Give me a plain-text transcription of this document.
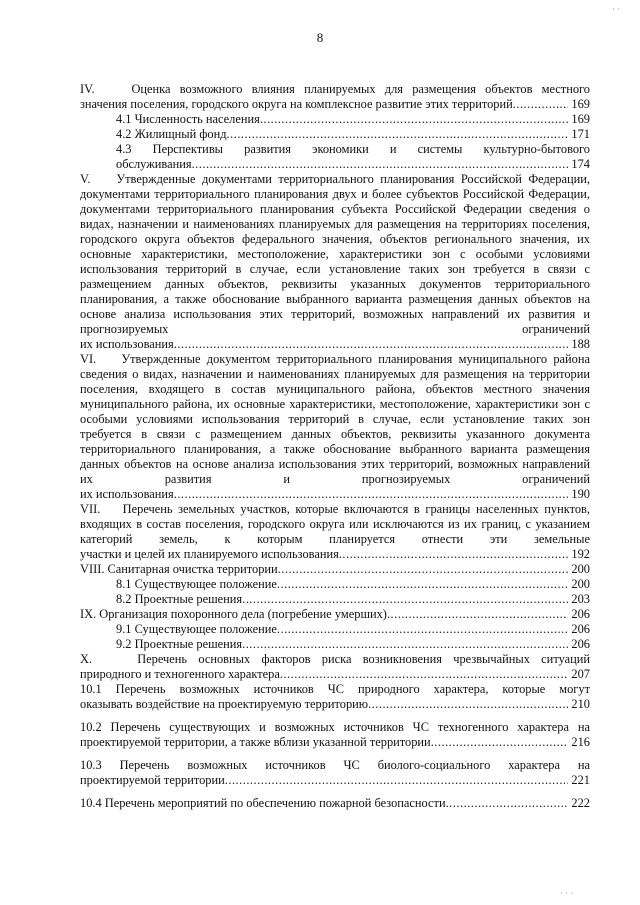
8
IV.    Оценка возможного влияния планируемых для размещения объектов местного
значения поселения, городского округа на комплексное развитие этих территорий .....	169
4.1 Численность населения .....	169
4.2 Жилищный фонд .....	171
4.3 Перспективы развития экономики и системы культурно-бытового
обслуживания .....	174
V.    Утвержденные документами территориального планирования Российской Федерации, документами территориального планирования двух и более субъектов Российской Федерации, документами территориального планирования субъекта Российской Федерации сведения о видах, назначении и наименованиях планируемых для размещения на территориях поселения, городского округа объектов федерального значения, объектов регионального значения, их основные характеристики, местоположение, характеристики зон с особыми условиями использования территорий в случае, если установление таких зон требуется в связи с размещением данных объектов, реквизиты указанных документов территориального планирования, а также обоснование выбранного варианта размещения данных объектов на основе анализа использования этих территорий, возможных направлений их развития и прогнозируемых ограничений
их использования .....	188
VI.    Утвержденные документом территориального планирования муниципального района сведения о видах, назначении и наименованиях планируемых для размещения на территории поселения, входящего в состав муниципального района, объектов местного значения муниципального района, их основные характеристики, местоположение, характеристики зон с особыми условиями использования территорий в случае, если установление таких зон требуется в связи с размещением данных объектов, реквизиты указанного документа территориального планирования, а также обоснование выбранного варианта размещения данных объектов на основе анализа использования этих территорий, возможных направлений их развития и прогнозируемых ограничений
их использования .....	190
VII.    Перечень земельных участков, которые включаются в границы населенных пунктов, входящих в состав поселения, городского округа или исключаются из их границ, с указанием категорий земель, к которым планируется отнести эти земельные
участки и целей их планируемого использования .....	192
VIII. Санитарная очистка территории .....	200
8.1 Существующее положение .....	200
8.2 Проектные решения .....	203
IX. Организация похоронного дела (погребение умерших) .....	206
9.1 Существующее положение .....	206
9.2 Проектные решения .....	206
X.    Перечень основных факторов риска возникновения чрезвычайных ситуаций
природного и техногенного характера .....	207
10.1 Перечень возможных источников ЧС природного характера, которые могут
оказывать воздействие на проектируемую территорию .....	210
10.2 Перечень существующих и возможных источников ЧС техногенного характера на
проектируемой территории, а также вблизи указанной территории .....	216
10.3 Перечень возможных источников ЧС биолого-социального характера на
проектируемой территории .....	221
10.4 Перечень мероприятий по обеспечению пожарной безопасности .....	222
· ·
· · ·
